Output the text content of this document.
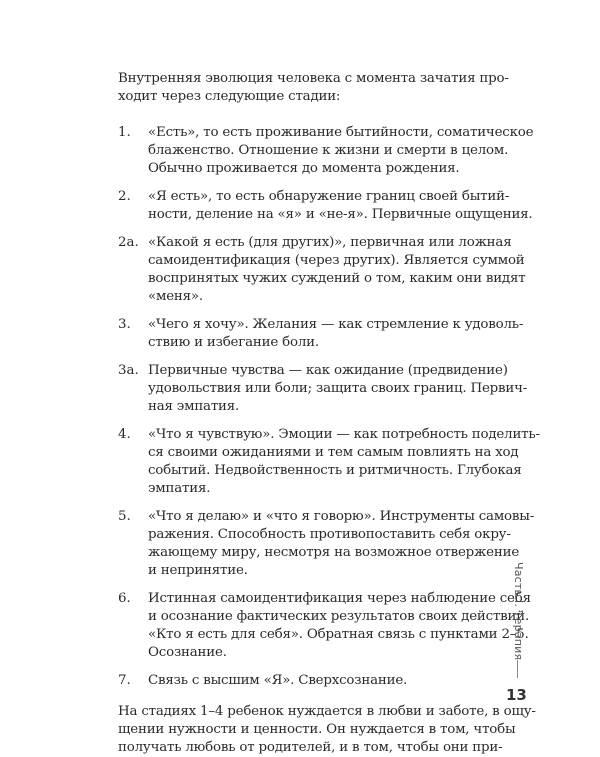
Внутренняя эволюция человека с момента зачатия про-
ходит через следующие стадии:
1. «Есть», то есть проживание бытийности, соматическое
блаженство. Отношение к жизни и смерти в целом.
Обычно проживается до момента рождения.
2. «Я есть», то есть обнаружение границ своей бытий-
ности, деление на «я» и «не-я». Первичные ощущения.
2а. «Какой я есть (для других)», первичная или ложная
самоидентификация (через других). Является суммой
воспринятых чужих суждений о том, каким они видят
«меня».
3. «Чего я хочу». Желания — как стремление к удоволь-
ствию и избегание боли.
3а. Первичные чувства — как ожидание (предвидение)
удовольствия или боли; защита своих границ. Первич-
ная эмпатия.
4. «Что я чувствую». Эмоции — как потребность поделить-
ся своими ожиданиями и тем самым повлиять на ход
событий. Недвойственность и ритмичность. Глубокая
эмпатия.
5. «Что я делаю» и «что я говорю». Инструменты самовы-
ражения. Способность противопоставить себя окру-
жающему миру, несмотря на возможное отвержение
и непринятие.
6. Истинная самоидентификация через наблюдение себя
и осознание фактических результатов своих действий.
«Кто я есть для себя». Обратная связь с пунктами 2–5.
Осознание.
7. Связь с высшим «Я». Сверхсознание.
На стадиях 1–4 ребенок нуждается в любви и заботе, в ощу-
щении нужности и ценности. Он нуждается в том, чтобы
получать любовь от родителей, и в том, чтобы они при-
Часть I. Терапия
13
